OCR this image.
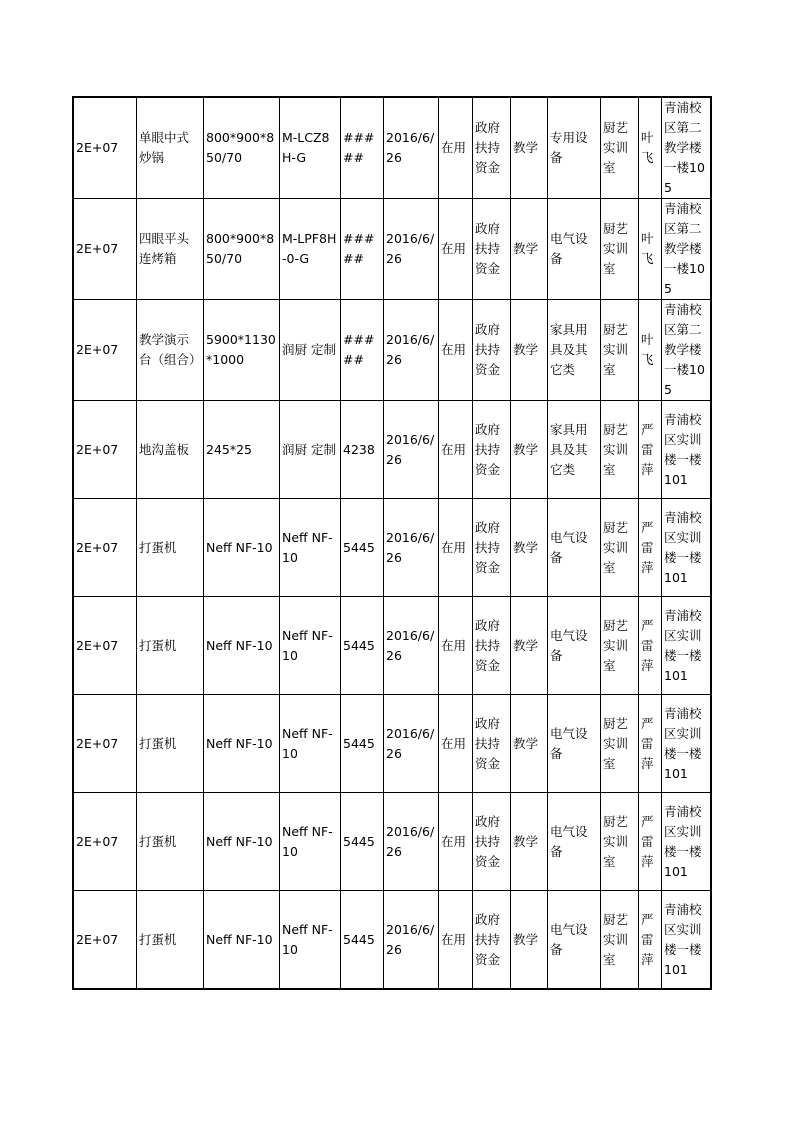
2E+07	单眼中式炒锅	800*900*850/70	M-LCZ8H-G	#####	2016/6/26	在用	政府扶持资金	教学	专用设备	厨艺实训室	叶飞	青浦校区第二教学楼一楼105
2E+07	四眼平头连烤箱	800*900*850/70	M-LPF8H-0-G	#####	2016/6/26	在用	政府扶持资金	教学	电气设备	厨艺实训室	叶飞	青浦校区第二教学楼一楼105
2E+07	教学演示台（组合）	5900*1130*1000	润厨 定制	#####	2016/6/26	在用	政府扶持资金	教学	家具用具及其它类	厨艺实训室	叶飞	青浦校区第二教学楼一楼105
2E+07	地沟盖板	245*25	润厨 定制	4238	2016/6/26	在用	政府扶持资金	教学	家具用具及其它类	厨艺实训室	严雷萍	青浦校区实训楼一楼101
2E+07	打蛋机	Neff NF-10	Neff NF-10	5445	2016/6/26	在用	政府扶持资金	教学	电气设备	厨艺实训室	严雷萍	青浦校区实训楼一楼101
2E+07	打蛋机	Neff NF-10	Neff NF-10	5445	2016/6/26	在用	政府扶持资金	教学	电气设备	厨艺实训室	严雷萍	青浦校区实训楼一楼101
2E+07	打蛋机	Neff NF-10	Neff NF-10	5445	2016/6/26	在用	政府扶持资金	教学	电气设备	厨艺实训室	严雷萍	青浦校区实训楼一楼101
2E+07	打蛋机	Neff NF-10	Neff NF-10	5445	2016/6/26	在用	政府扶持资金	教学	电气设备	厨艺实训室	严雷萍	青浦校区实训楼一楼101
2E+07	打蛋机	Neff NF-10	Neff NF-10	5445	2016/6/26	在用	政府扶持资金	教学	电气设备	厨艺实训室	严雷萍	青浦校区实训楼一楼101
